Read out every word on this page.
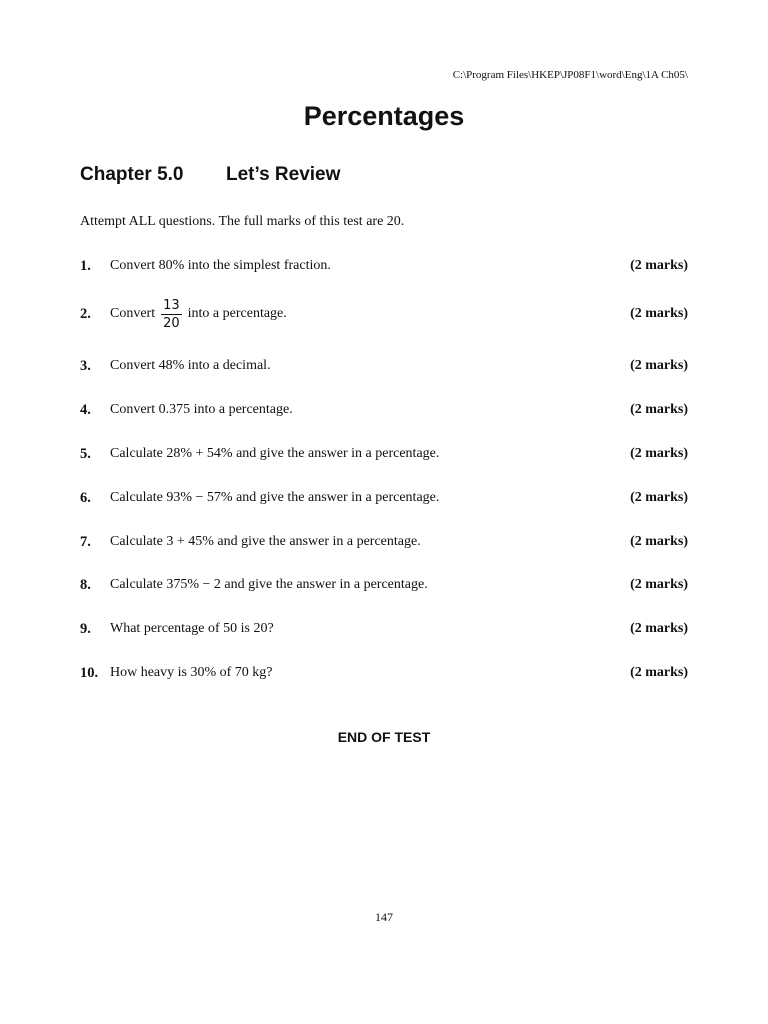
C:\Program Files\HKEP\JP08F1\word\Eng\1A Ch05\
Percentages
Chapter 5.0 Let’s Review
Attempt ALL questions. The full marks of this test are 20.
1.	Convert 80% into the simplest fraction.	(2 marks)
2.	Convert $\frac{13}{20}$ into a percentage.	(2 marks)
3.	Convert 48% into a decimal.	(2 marks)
4.	Convert 0.375 into a percentage.	(2 marks)
5.	Calculate 28% + 54% and give the answer in a percentage.	(2 marks)
6.	Calculate 93% − 57% and give the answer in a percentage.	(2 marks)
7.	Calculate 3 + 45% and give the answer in a percentage.	(2 marks)
8.	Calculate 375% − 2 and give the answer in a percentage.	(2 marks)
9.	What percentage of 50 is 20?	(2 marks)
10. How heavy is 30% of 70 kg?	(2 marks)
END OF TEST
147
